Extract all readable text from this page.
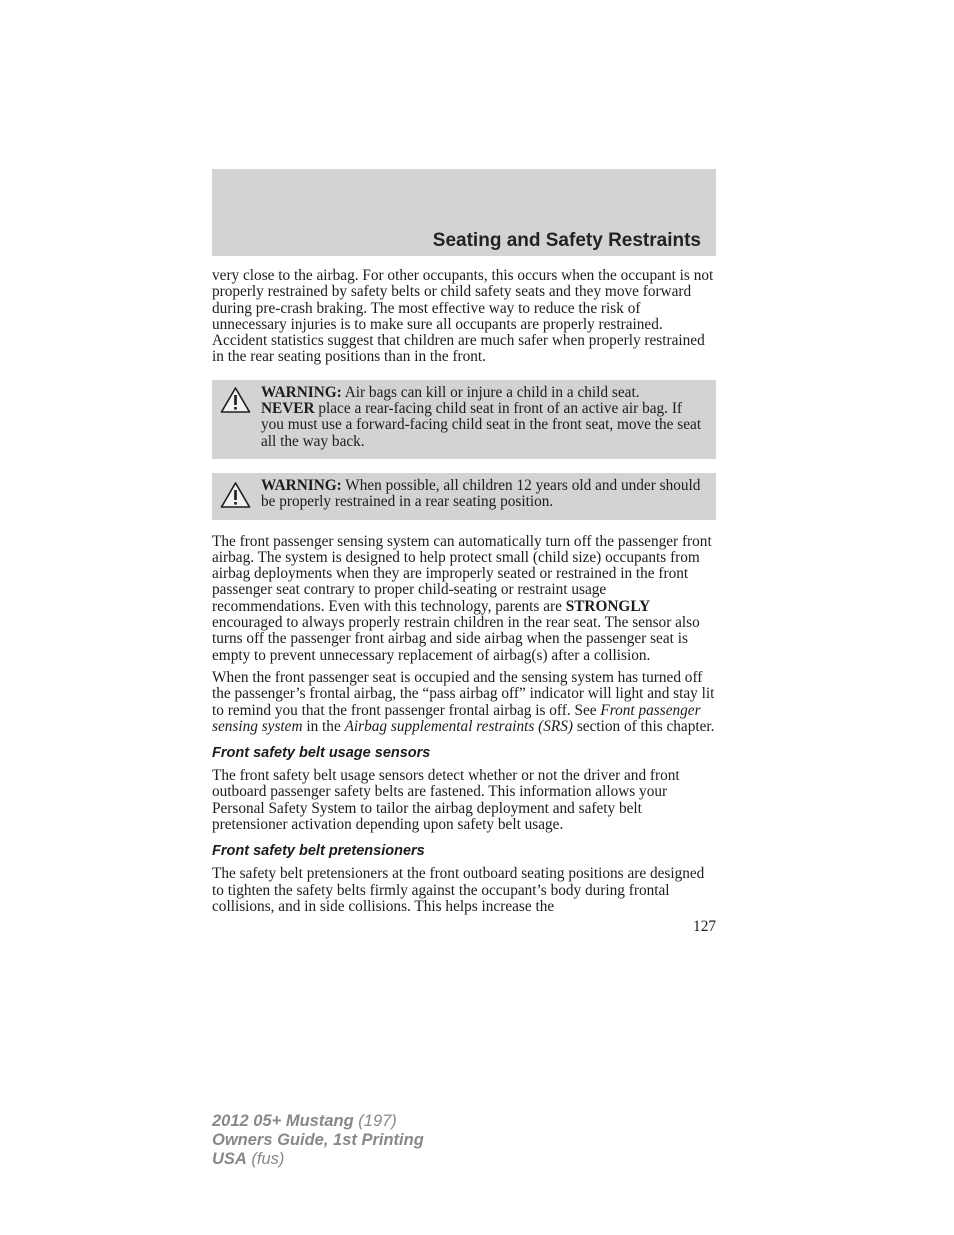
Seating and Safety Restraints

very close to the airbag. For other occupants, this occurs when the occupant is not properly restrained by safety belts or child safety seats and they move forward during pre-crash braking. The most effective way to reduce the risk of unnecessary injuries is to make sure all occupants are properly restrained. Accident statistics suggest that children are much safer when properly restrained in the rear seating positions than in the front.

WARNING: Air bags can kill or injure a child in a child seat.
NEVER place a rear-facing child seat in front of an active air bag. If you must use a forward-facing child seat in the front seat, move the seat all the way back.
WARNING: When possible, all children 12 years old and under should be properly restrained in a rear seating position.

The front passenger sensing system can automatically turn off the passenger front airbag. The system is designed to help protect small (child size) occupants from airbag deployments when they are improperly seated or restrained in the front passenger seat contrary to proper child-seating or restraint usage recommendations. Even with this technology, parents are STRONGLY encouraged to always properly restrain children in the rear seat. The sensor also turns off the passenger front airbag and side airbag when the passenger seat is empty to prevent unnecessary replacement of airbag(s) after a collision.

When the front passenger seat is occupied and the sensing system has turned off the passenger’s frontal airbag, the “pass airbag off” indicator will light and stay lit to remind you that the front passenger frontal airbag is off. See Front passenger sensing system in the Airbag supplemental restraints (SRS) section of this chapter.

Front safety belt usage sensors

The front safety belt usage sensors detect whether or not the driver and front outboard passenger safety belts are fastened. This information allows your Personal Safety System to tailor the airbag deployment and safety belt pretensioner activation depending upon safety belt usage.

Front safety belt pretensioners

The safety belt pretensioners at the front outboard seating positions are designed to tighten the safety belts firmly against the occupant’s body during frontal collisions, and in side collisions. This helps increase the

127
2012 05+ Mustang (197)
Owners Guide, 1st Printing
USA (fus)
